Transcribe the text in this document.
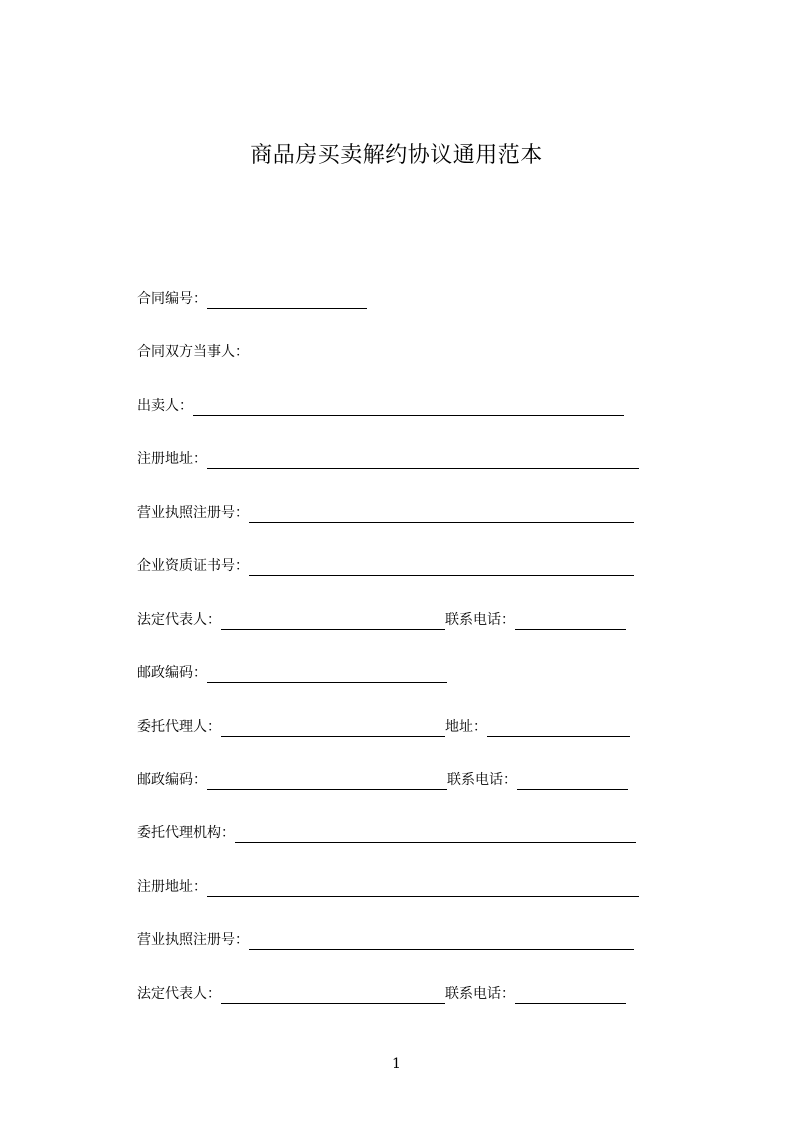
商品房买卖解约协议通用范本
合同编号：
合同双方当事人：
出卖人：
注册地址：
营业执照注册号：
企业资质证书号：
法定代表人：	联系电话：
邮政编码：
委托代理人：	地址：
邮政编码：	联系电话：
委托代理机构：
注册地址：
营业执照注册号：
法定代表人：	联系电话：
1
